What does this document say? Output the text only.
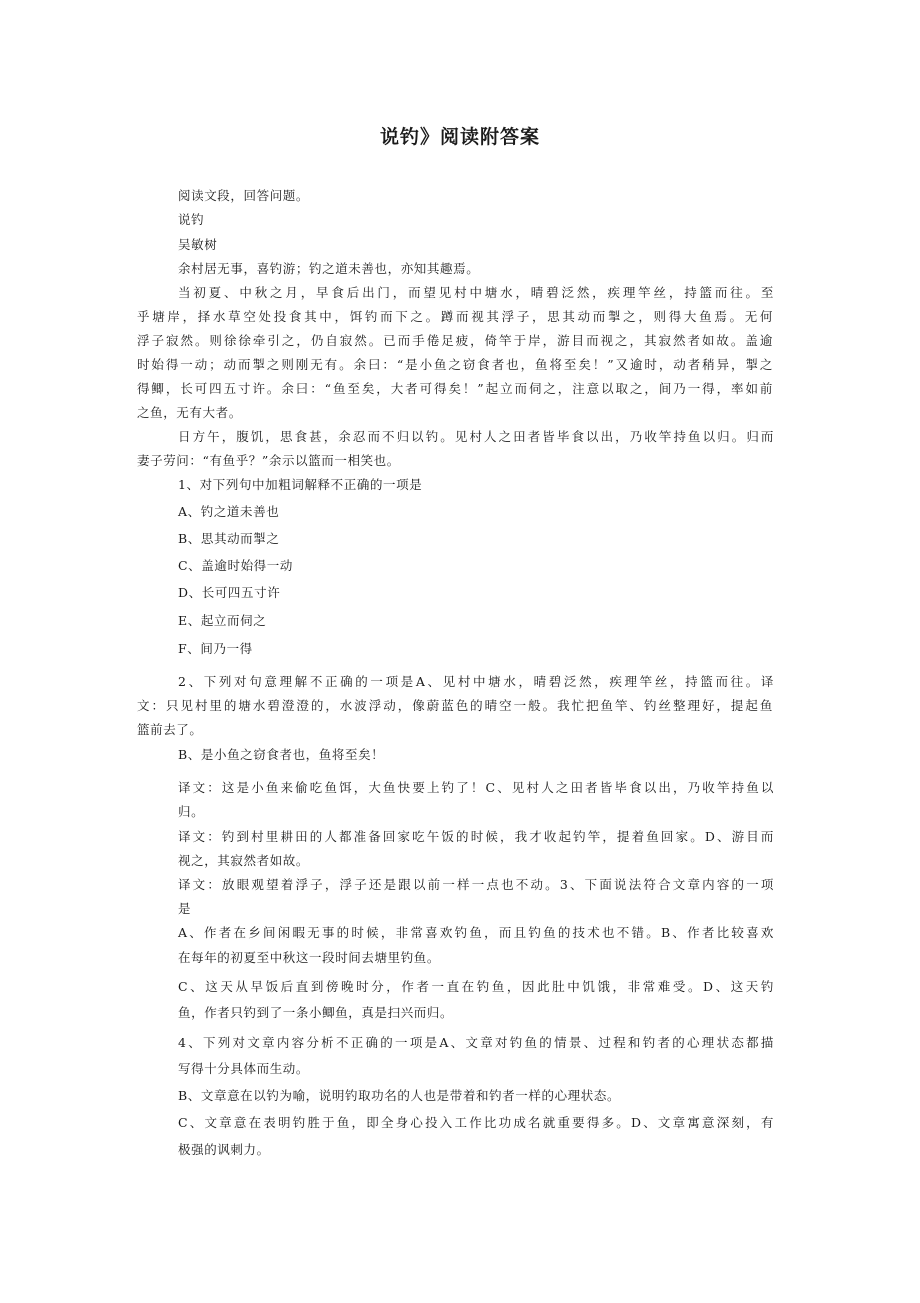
说钓》阅读附答案
阅读文段，回答问题。
说钓
吴敏树
余村居无事，喜钓游；钓之道未善也，亦知其趣焉。
当初夏、中秋之月，早食后出门，而望见村中塘水，晴碧泛然，疾理竿丝，持篮而往。至
乎塘岸，择水草空处投食其中，饵钓而下之。蹲而视其浮子，思其动而掣之，则得大鱼焉。无何
浮子寂然。则徐徐牵引之，仍自寂然。已而手倦足疲，倚竿于岸，游目而视之，其寂然者如故。盖逾
时始得一动；动而掣之则刚无有。余曰：“是小鱼之窃食者也，鱼将至矣！”又逾时，动者稍异，掣之
得鲫，长可四五寸许。余曰：“鱼至矣，大者可得矣！”起立而伺之，注意以取之，间乃一得，率如前
之鱼，无有大者。
日方午，腹饥，思食甚，余忍而不归以钓。见村人之田者皆毕食以出，乃收竿持鱼以归。归而
妻子劳问：“有鱼乎？”余示以篮而一相笑也。
1、对下列句中加粗词解释不正确的一项是
A、钓之道未善也
B、思其动而掣之
C、盖逾时始得一动
D、长可四五寸许
E、起立而伺之
F、间乃一得
2、下列对句意理解不正确的一项是A、见村中塘水，晴碧泛然，疾理竿丝，持篮而往。译
文：只见村里的塘水碧澄澄的，水波浮动，像蔚蓝色的晴空一般。我忙把鱼竿、钓丝整理好，提起鱼
篮前去了。
B、是小鱼之窃食者也，鱼将至矣！
译文：这是小鱼来偷吃鱼饵，大鱼快要上钓了！C、见村人之田者皆毕食以出，乃收竿持鱼以
归。
译文：钓到村里耕田的人都准备回家吃午饭的时候，我才收起钓竿，提着鱼回家。D、游目而
视之，其寂然者如故。
译文：放眼观望着浮子，浮子还是跟以前一样一点也不动。3、下面说法符合文章内容的一项
是
A、作者在乡间闲暇无事的时候，非常喜欢钓鱼，而且钓鱼的技术也不错。B、作者比较喜欢
在每年的初夏至中秋这一段时间去塘里钓鱼。
C、这天从早饭后直到傍晚时分，作者一直在钓鱼，因此肚中饥饿，非常难受。D、这天钓
鱼，作者只钓到了一条小鲫鱼，真是扫兴而归。
4、下列对文章内容分析不正确的一项是A、文章对钓鱼的情景、过程和钓者的心理状态都描
写得十分具体而生动。
B、文章意在以钓为喻，说明钓取功名的人也是带着和钓者一样的心理状态。
C、文章意在表明钓胜于鱼，即全身心投入工作比功成名就重要得多。D、文章寓意深刻，有
极强的讽刺力。
